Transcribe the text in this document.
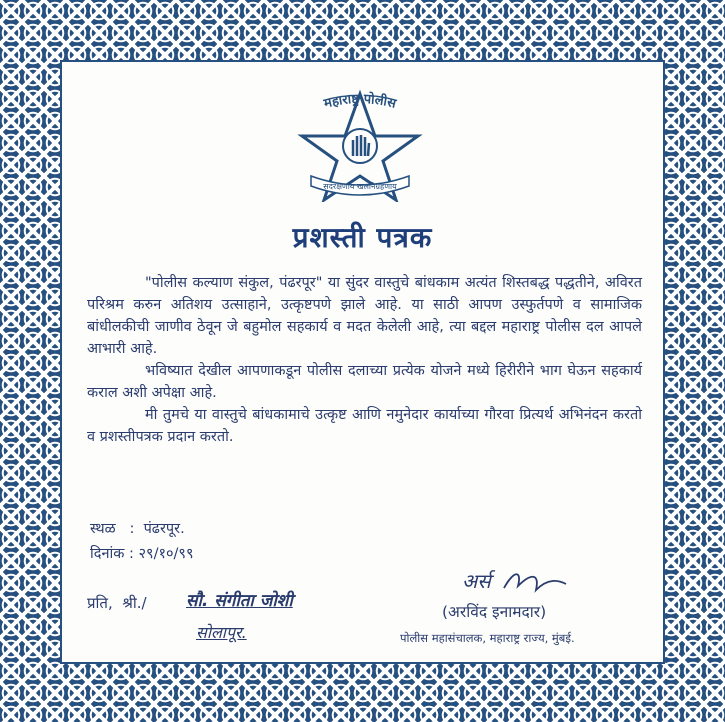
महाराष्ट्र पोलीस
सदरक्षणाय खलनिग्रहणाय
प्रशस्ती पत्रक

"पोलीस कल्याण संकुल, पंढरपूर" या सुंदर वास्तुचे बांधकाम अत्यंत शिस्तबद्ध पद्धतीने, अविरत परिश्रम करुन अतिशय उत्साहाने, उत्कृष्टपणे झाले आहे. या साठी आपण उस्फुर्तपणे व सामाजिक बांधीलकीची जाणीव ठेवून जे बहुमोल सहकार्य व मदत केलेली आहे, त्या बद्दल महाराष्ट्र पोलीस दल आपले आभारी आहे.

भविष्यात देखील आपणाकडून पोलीस दलाच्या प्रत्येक योजने मध्ये हिरीरीने भाग घेऊन सहकार्य कराल अशी अपेक्षा आहे.

मी तुमचे या वास्तुचे बांधकामाचे उत्कृष्ट आणि नमुनेदार कार्याच्या गौरवा प्रित्यर्थ अभिनंदन करतो व प्रशस्तीपत्रक प्रदान करतो.

स्थळ   :  पंढरपूर.
दिनांक : २९/१०/९९
प्रति,  श्री./ सौ. संगीता जोशी
सोलापूर.
अर्स
(अरविंद इनामदार)
पोलीस महासंचालक, महाराष्ट्र राज्य, मुंबई.
